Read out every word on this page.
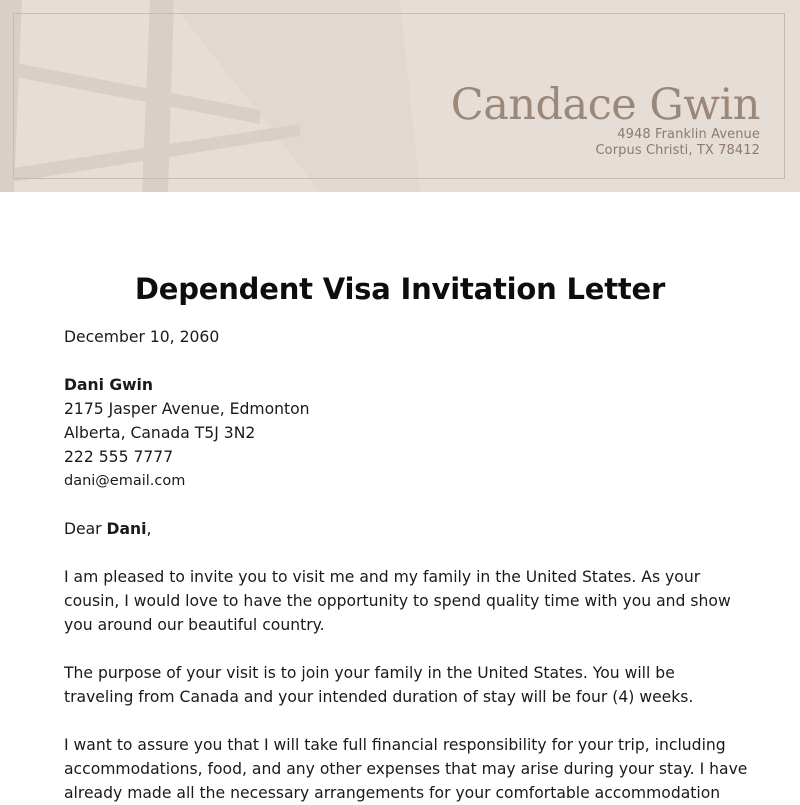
Candace Gwin
4948 Franklin Avenue
Corpus Christi, TX 78412
Dependent Visa Invitation Letter
December 10, 2060
Dani Gwin
2175 Jasper Avenue, Edmonton
Alberta, Canada T5J 3N2
222 555 7777
dani@email.com
Dear Dani,
I am pleased to invite you to visit me and my family in the United States. As your
cousin, I would love to have the opportunity to spend quality time with you and show
you around our beautiful country.
The purpose of your visit is to join your family in the United States. You will be
traveling from Canada and your intended duration of stay will be four (4) weeks.
I want to assure you that I will take full financial responsibility for your trip, including
accommodations, food, and any other expenses that may arise during your stay. I have
already made all the necessary arrangements for your comfortable accommodation
